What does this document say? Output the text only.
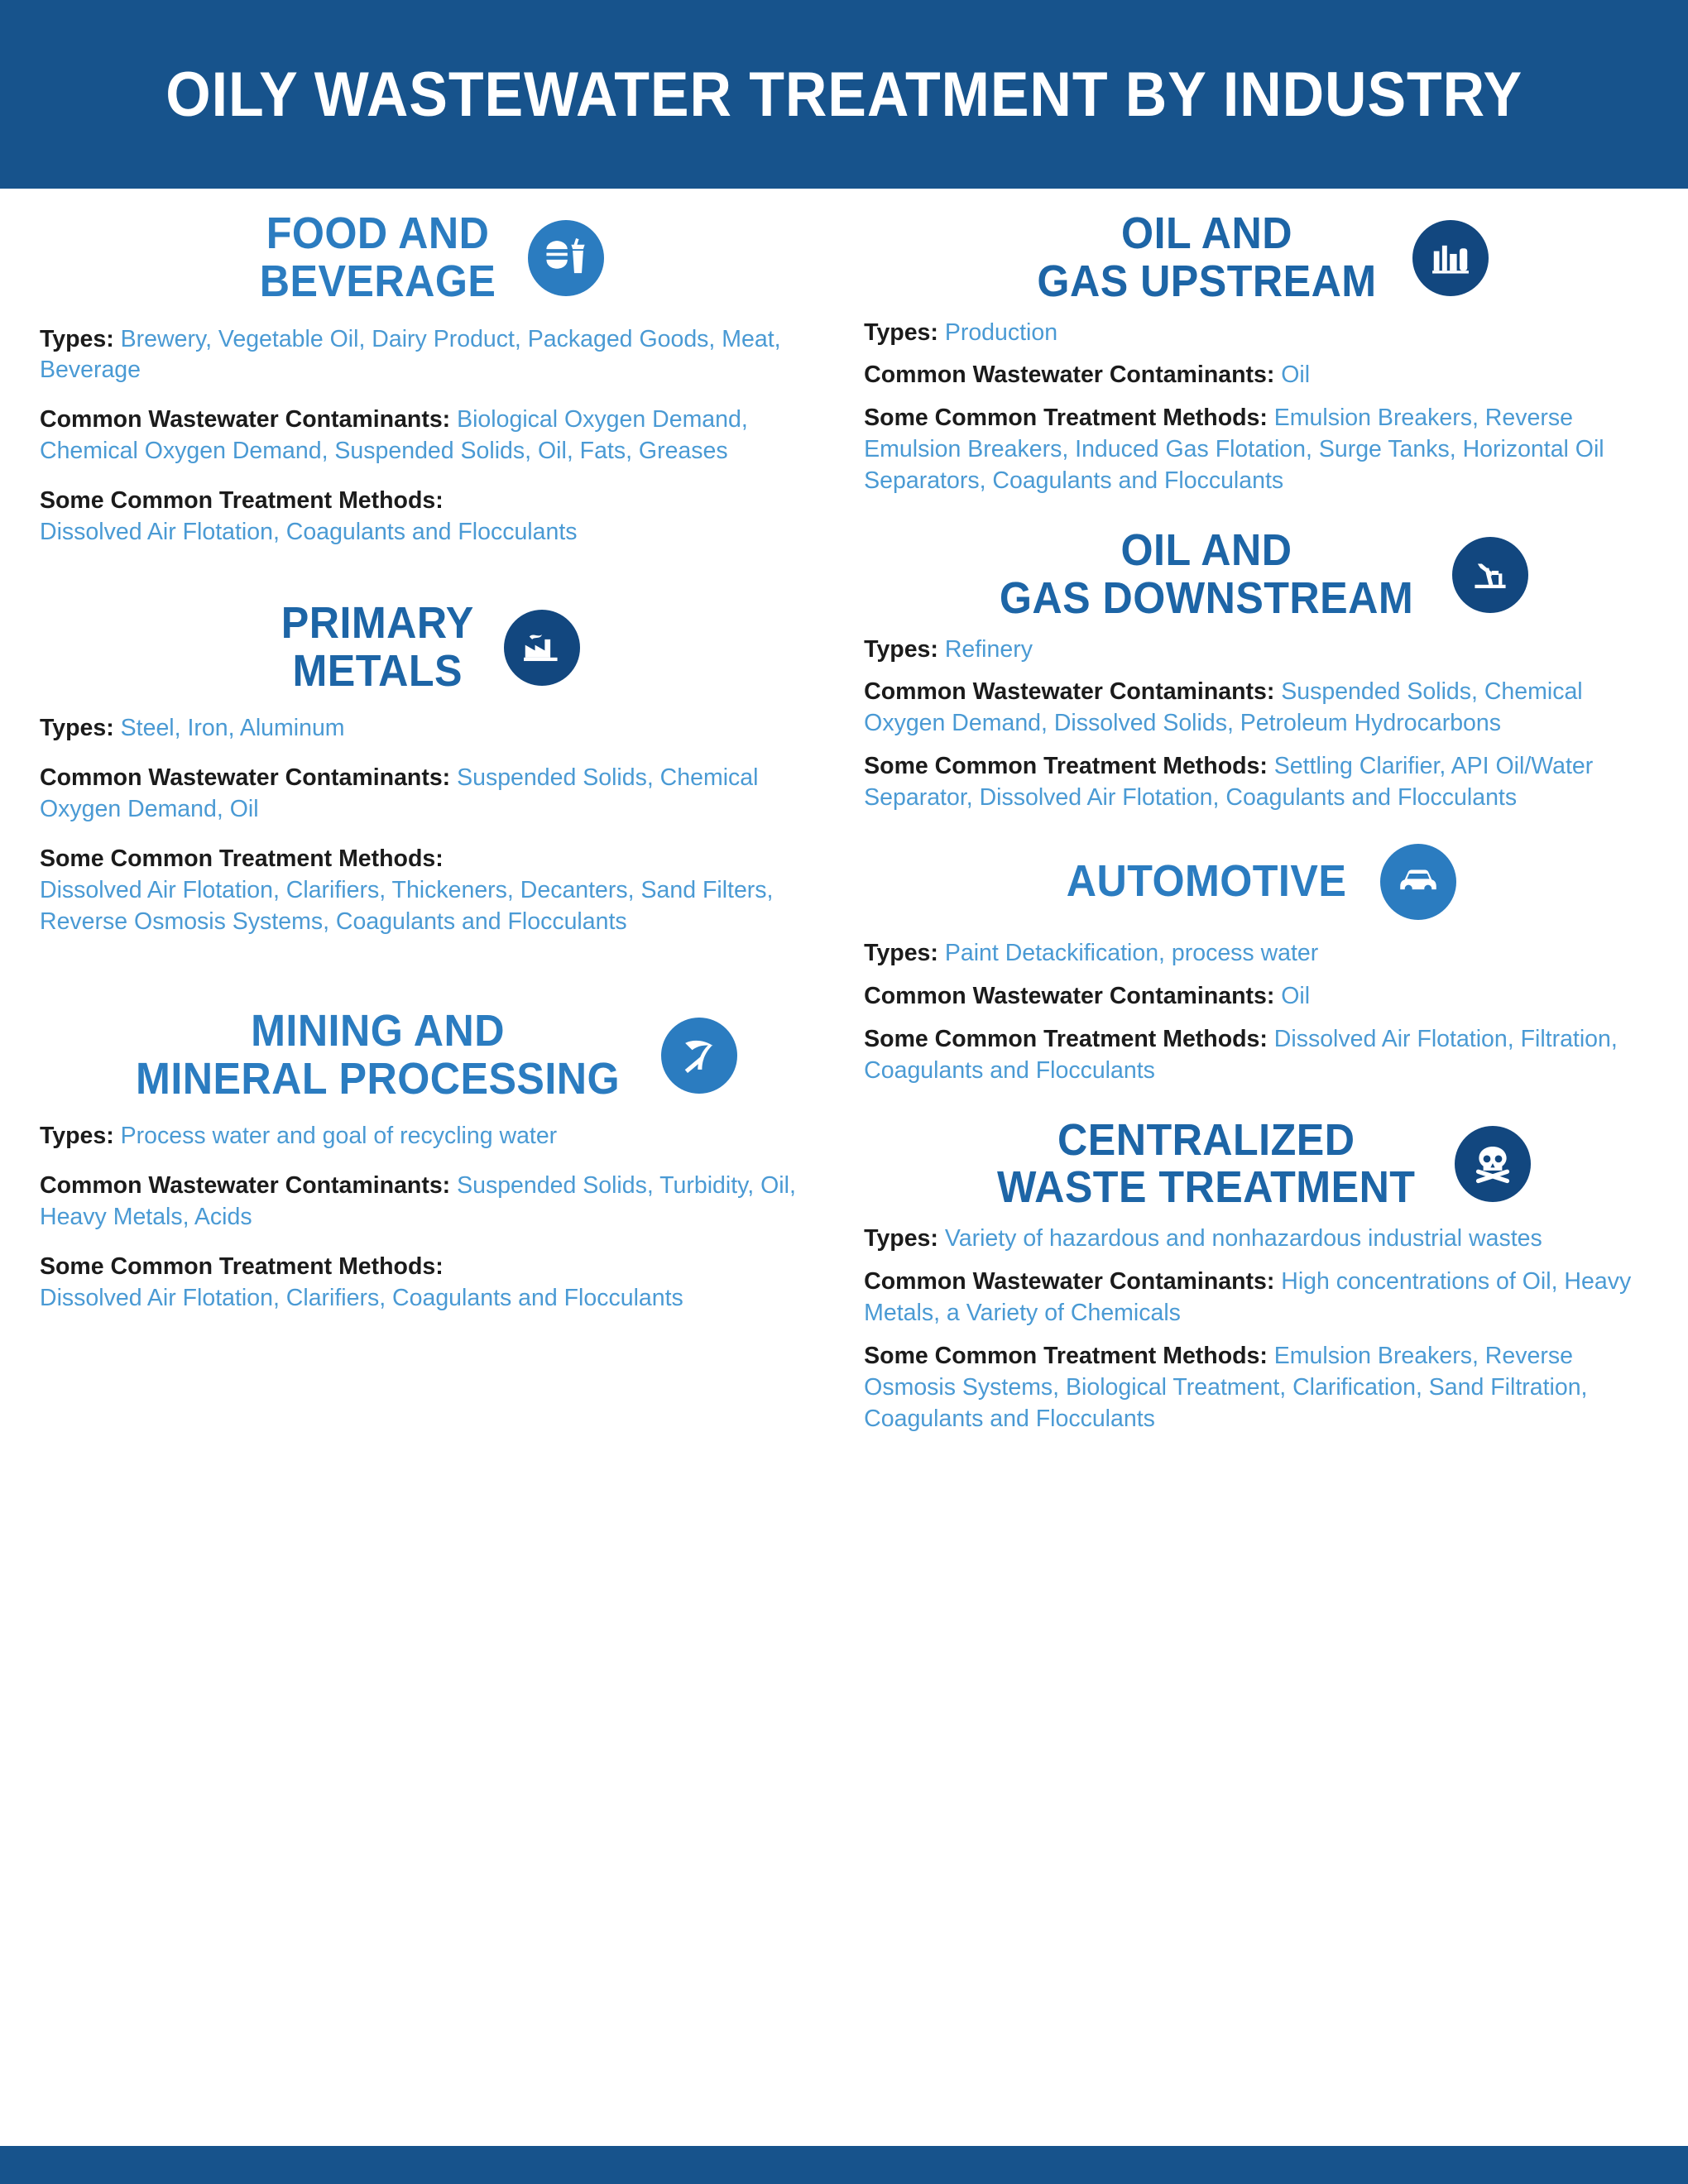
OILY WASTEWATER TREATMENT BY INDUSTRY
FOOD AND
BEVERAGE
Types: Brewery, Vegetable Oil, Dairy Product, Packaged Goods, Meat, Beverage
Common Wastewater Contaminants: Biological Oxygen Demand, Chemical Oxygen Demand, Suspended Solids, Oil, Fats, Greases
Some Common Treatment Methods:
Dissolved Air Flotation, Coagulants and Flocculants
PRIMARY
METALS
Types: Steel, Iron, Aluminum
Common Wastewater Contaminants: Suspended Solids, Chemical Oxygen Demand, Oil
Some Common Treatment Methods:
Dissolved Air Flotation, Clarifiers, Thickeners, Decanters, Sand Filters, Reverse Osmosis Systems, Coagulants and Flocculants
MINING AND
MINERAL PROCESSING
Types: Process water and goal of recycling water
Common Wastewater Contaminants: Suspended Solids, Turbidity, Oil, Heavy Metals, Acids
Some Common Treatment Methods:
Dissolved Air Flotation, Clarifiers, Coagulants and Flocculants
OIL AND
GAS UPSTREAM
Types: Production
Common Wastewater Contaminants: Oil
Some Common Treatment Methods: Emulsion Breakers, Reverse Emulsion Breakers, Induced Gas Flotation, Surge Tanks, Horizontal Oil Separators, Coagulants and Flocculants
OIL AND
GAS DOWNSTREAM
Types: Refinery
Common Wastewater Contaminants: Suspended Solids, Chemical Oxygen Demand, Dissolved Solids, Petroleum Hydrocarbons
Some Common Treatment Methods: Settling Clarifier, API Oil/Water Separator, Dissolved Air Flotation, Coagulants and Flocculants
AUTOMOTIVE
Types: Paint Detackification, process water
Common Wastewater Contaminants: Oil
Some Common Treatment Methods: Dissolved Air Flotation, Filtration, Coagulants and Flocculants
CENTRALIZED
WASTE TREATMENT
Types: Variety of hazardous and nonhazardous industrial wastes
Common Wastewater Contaminants: High concentrations of Oil, Heavy Metals, a Variety of Chemicals
Some Common Treatment Methods: Emulsion Breakers, Reverse Osmosis Systems, Biological Treatment, Clarification, Sand Filtration, Coagulants and Flocculants
